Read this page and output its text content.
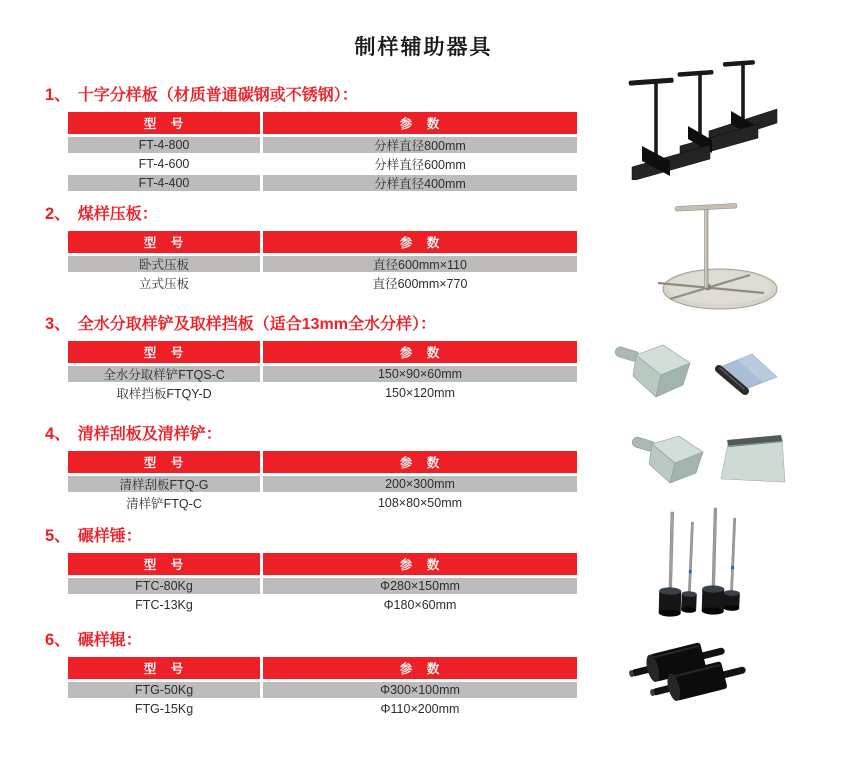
制样辅助器具
1、 十字分样板（材质普通碳钢或不锈钢）：
型　号	参　数
FT-4-800	分样直径800mm
FT-4-600	分样直径600mm
FT-4-400	分样直径400mm
2、 煤样压板：
型　号	参　数
卧式压板	直径600mm×110
立式压板	直径600mm×770
3、 全水分取样铲及取样挡板（适合13mm全水分样）：
型　号	参　数
全水分取样铲FTQS-C	150×90×60mm
取样挡板FTQY-D	150×120mm
4、 清样刮板及清样铲：
型　号	参　数
清样刮板FTQ-G	200×300mm
清样铲FTQ-C	108×80×50mm
5、 碾样锤：
型　号	参　数
FTC-80Kg	Φ280×150mm
FTC-13Kg	Φ180×60mm
6、 碾样辊：
型　号	参　数
FTG-50Kg	Φ300×100mm
FTG-15Kg	Φ110×200mm
